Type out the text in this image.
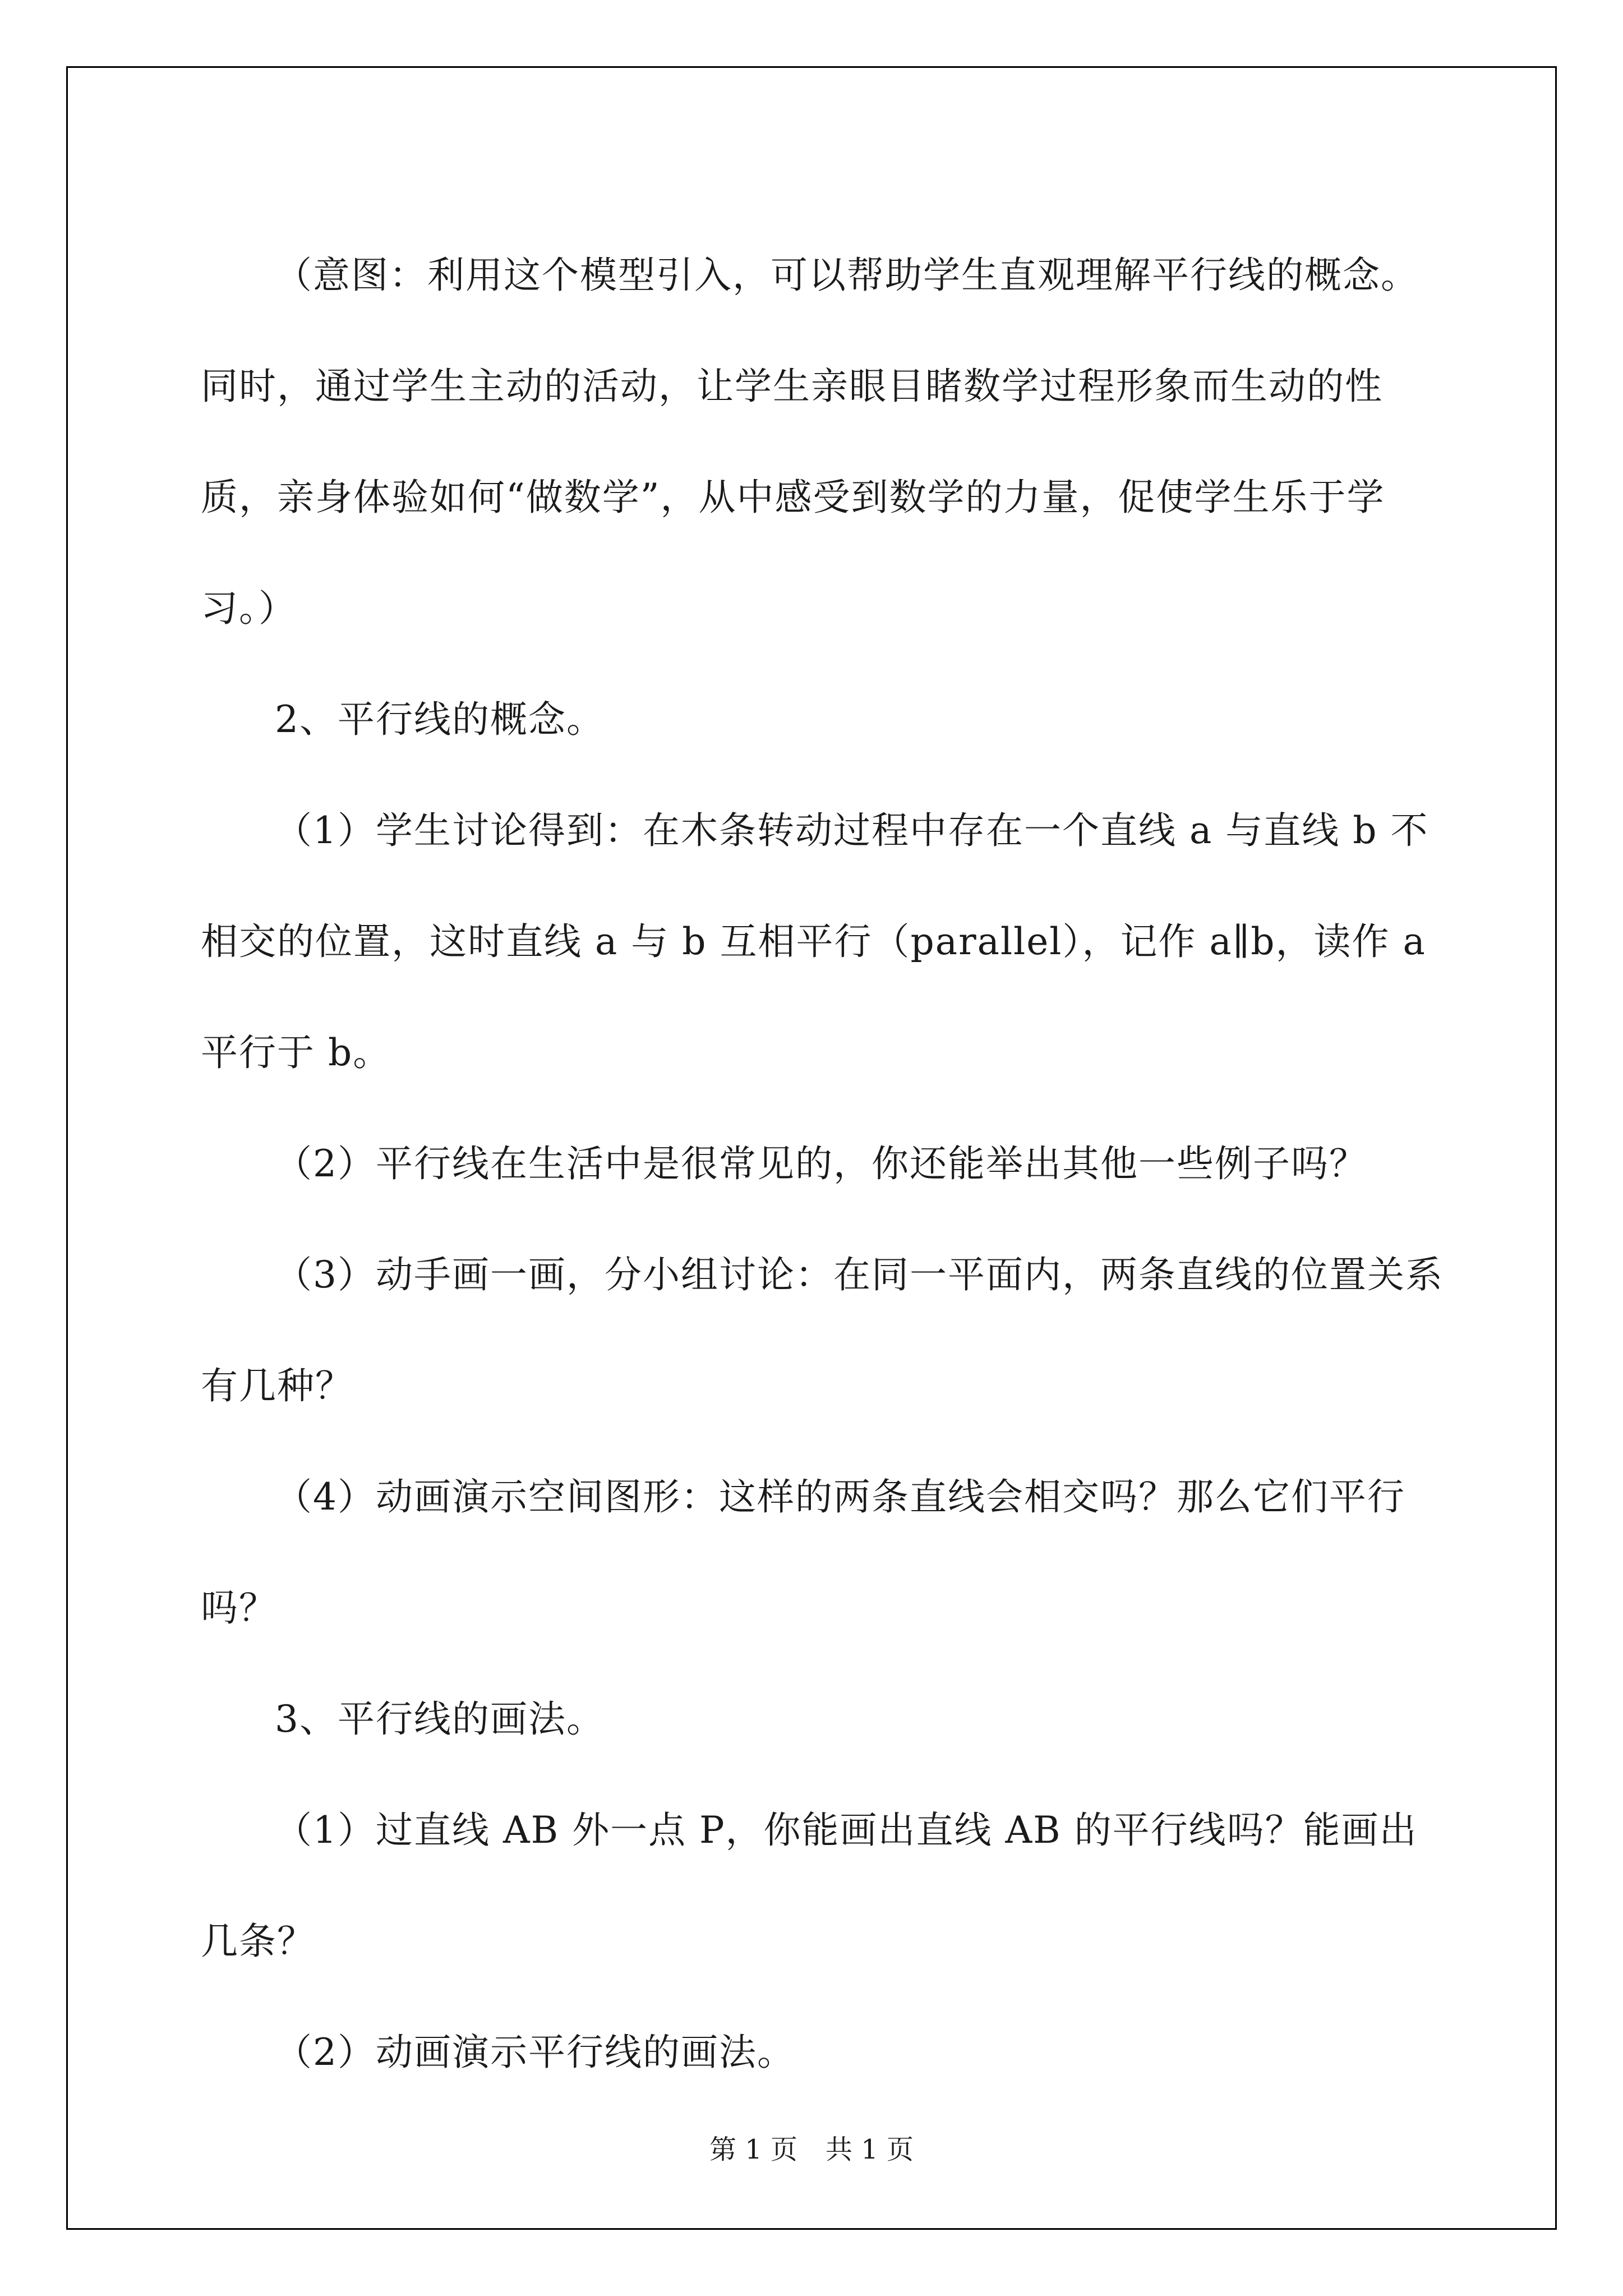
（意图：利用这个模型引入，可以帮助学生直观理解平行线的概念。同时，通过学生主动的活动，让学生亲眼目睹数学过程形象而生动的性质，亲身体验如何“做数学”，从中感受到数学的力量，促使学生乐于学习。）

2、平行线的概念。

（1）学生讨论得到：在木条转动过程中存在一个直线 a 与直线 b 不相交的位置，这时直线 a 与 b 互相平行（parallel），记作 a∥b，读作 a 平行于 b。

（2）平行线在生活中是很常见的，你还能举出其他一些例子吗？

（3）动手画一画，分小组讨论：在同一平面内，两条直线的位置关系有几种？

（4）动画演示空间图形：这样的两条直线会相交吗？那么它们平行吗？

3、平行线的画法。

（1）过直线 AB 外一点 P，你能画出直线 AB 的平行线吗？能画出几条？

（2）动画演示平行线的画法。

第 1 页 共 1 页
